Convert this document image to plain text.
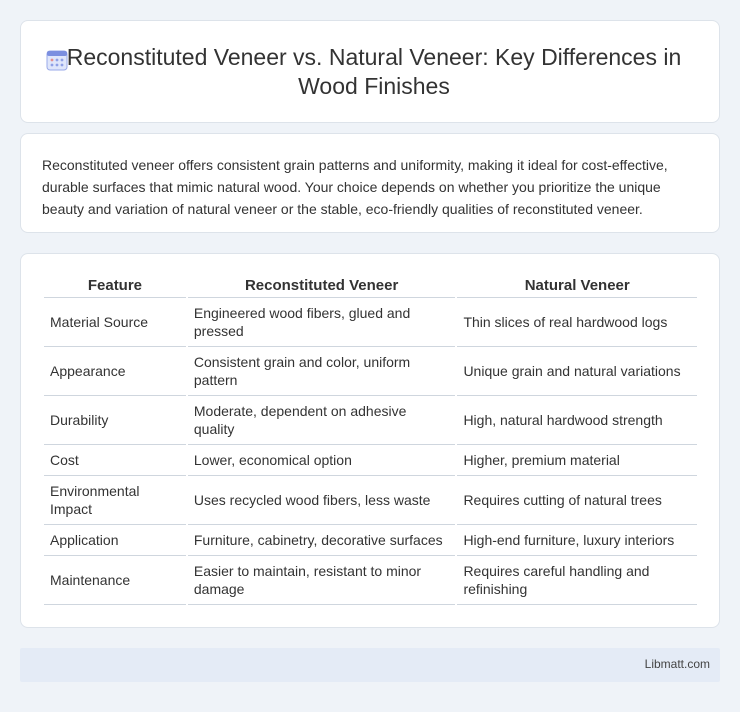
Reconstituted Veneer vs. Natural Veneer: Key Differences in Wood Finishes

Reconstituted veneer offers consistent grain patterns and uniformity, making it ideal for cost-effective, durable surfaces that mimic natural wood. Your choice depends on whether you prioritize the unique beauty and variation of natural veneer or the stable, eco-friendly qualities of reconstituted veneer.

Feature	Reconstituted Veneer	Natural Veneer
Material Source	Engineered wood fibers, glued and pressed	Thin slices of real hardwood logs
Appearance	Consistent grain and color, uniform pattern	Unique grain and natural variations
Durability	Moderate, dependent on adhesive quality	High, natural hardwood strength
Cost	Lower, economical option	Higher, premium material
Environmental Impact	Uses recycled wood fibers, less waste	Requires cutting of natural trees
Application	Furniture, cabinetry, decorative surfaces	High-end furniture, luxury interiors
Maintenance	Easier to maintain, resistant to minor damage	Requires careful handling and refinishing
Libmatt.com
